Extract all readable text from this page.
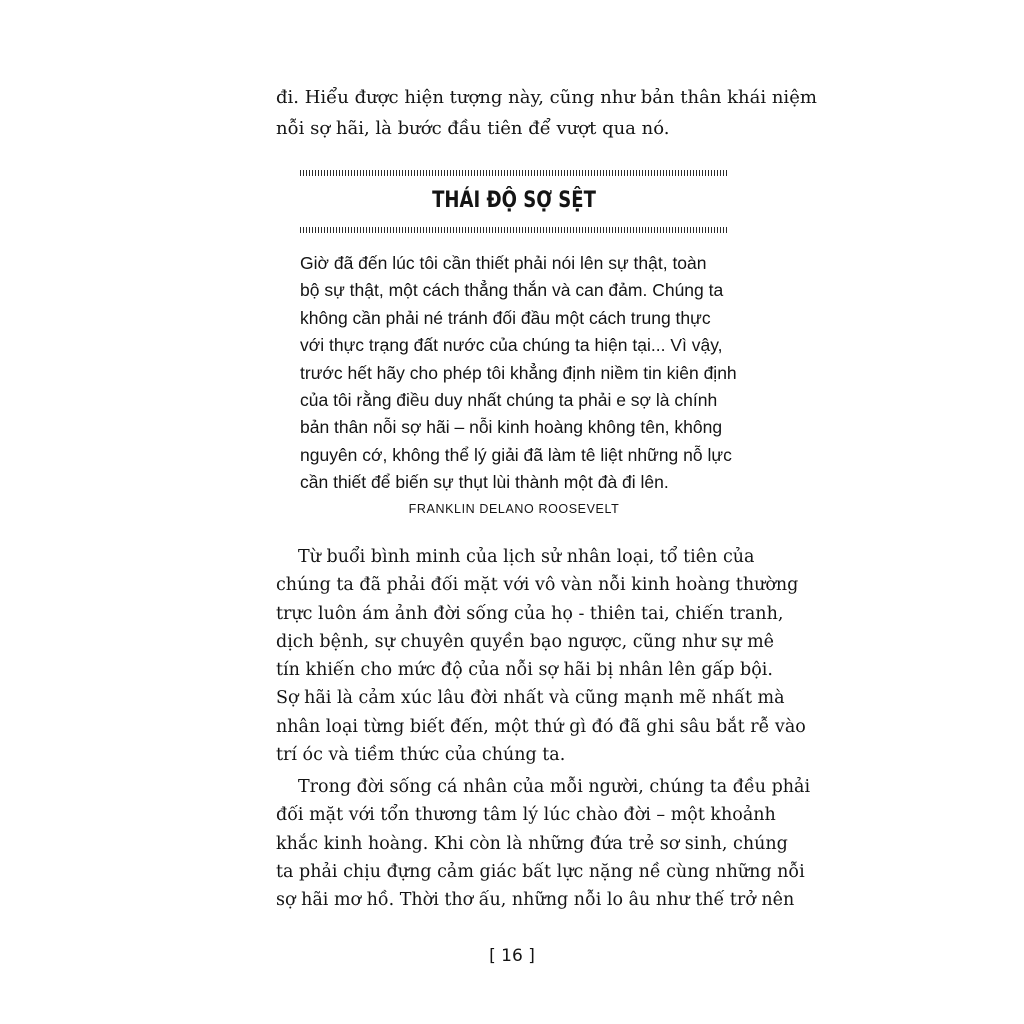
đi. Hiểu được hiện tượng này, cũng như bản thân khái niệm
nỗi sợ hãi, là bước đầu tiên để vượt qua nó.

THÁI ĐỘ SỢ SỆT
Giờ đã đến lúc tôi cần thiết phải nói lên sự thật, toàn
bộ sự thật, một cách thẳng thắn và can đảm. Chúng ta
không cần phải né tránh đối đầu một cách trung thực
với thực trạng đất nước của chúng ta hiện tại... Vì vậy,
trước hết hãy cho phép tôi khẳng định niềm tin kiên định
của tôi rằng điều duy nhất chúng ta phải e sợ là chính
bản thân nỗi sợ hãi – nỗi kinh hoàng không tên, không
nguyên cớ, không thể lý giải đã làm tê liệt những nỗ lực
cần thiết để biến sự thụt lùi thành một đà đi lên.

FRANKLIN DELANO ROOSEVELT

Từ buổi bình minh của lịch sử nhân loại, tổ tiên của
chúng ta đã phải đối mặt với vô vàn nỗi kinh hoàng thường
trực luôn ám ảnh đời sống của họ - thiên tai, chiến tranh,
dịch bệnh, sự chuyên quyền bạo ngược, cũng như sự mê
tín khiến cho mức độ của nỗi sợ hãi bị nhân lên gấp bội.
Sợ hãi là cảm xúc lâu đời nhất và cũng mạnh mẽ nhất mà
nhân loại từng biết đến, một thứ gì đó đã ghi sâu bắt rễ vào
trí óc và tiềm thức của chúng ta.

Trong đời sống cá nhân của mỗi người, chúng ta đều phải
đối mặt với tổn thương tâm lý lúc chào đời – một khoảnh
khắc kinh hoàng. Khi còn là những đứa trẻ sơ sinh, chúng
ta phải chịu đựng cảm giác bất lực nặng nề cùng những nỗi
sợ hãi mơ hồ. Thời thơ ấu, những nỗi lo âu như thế trở nên

[ 16 ]
